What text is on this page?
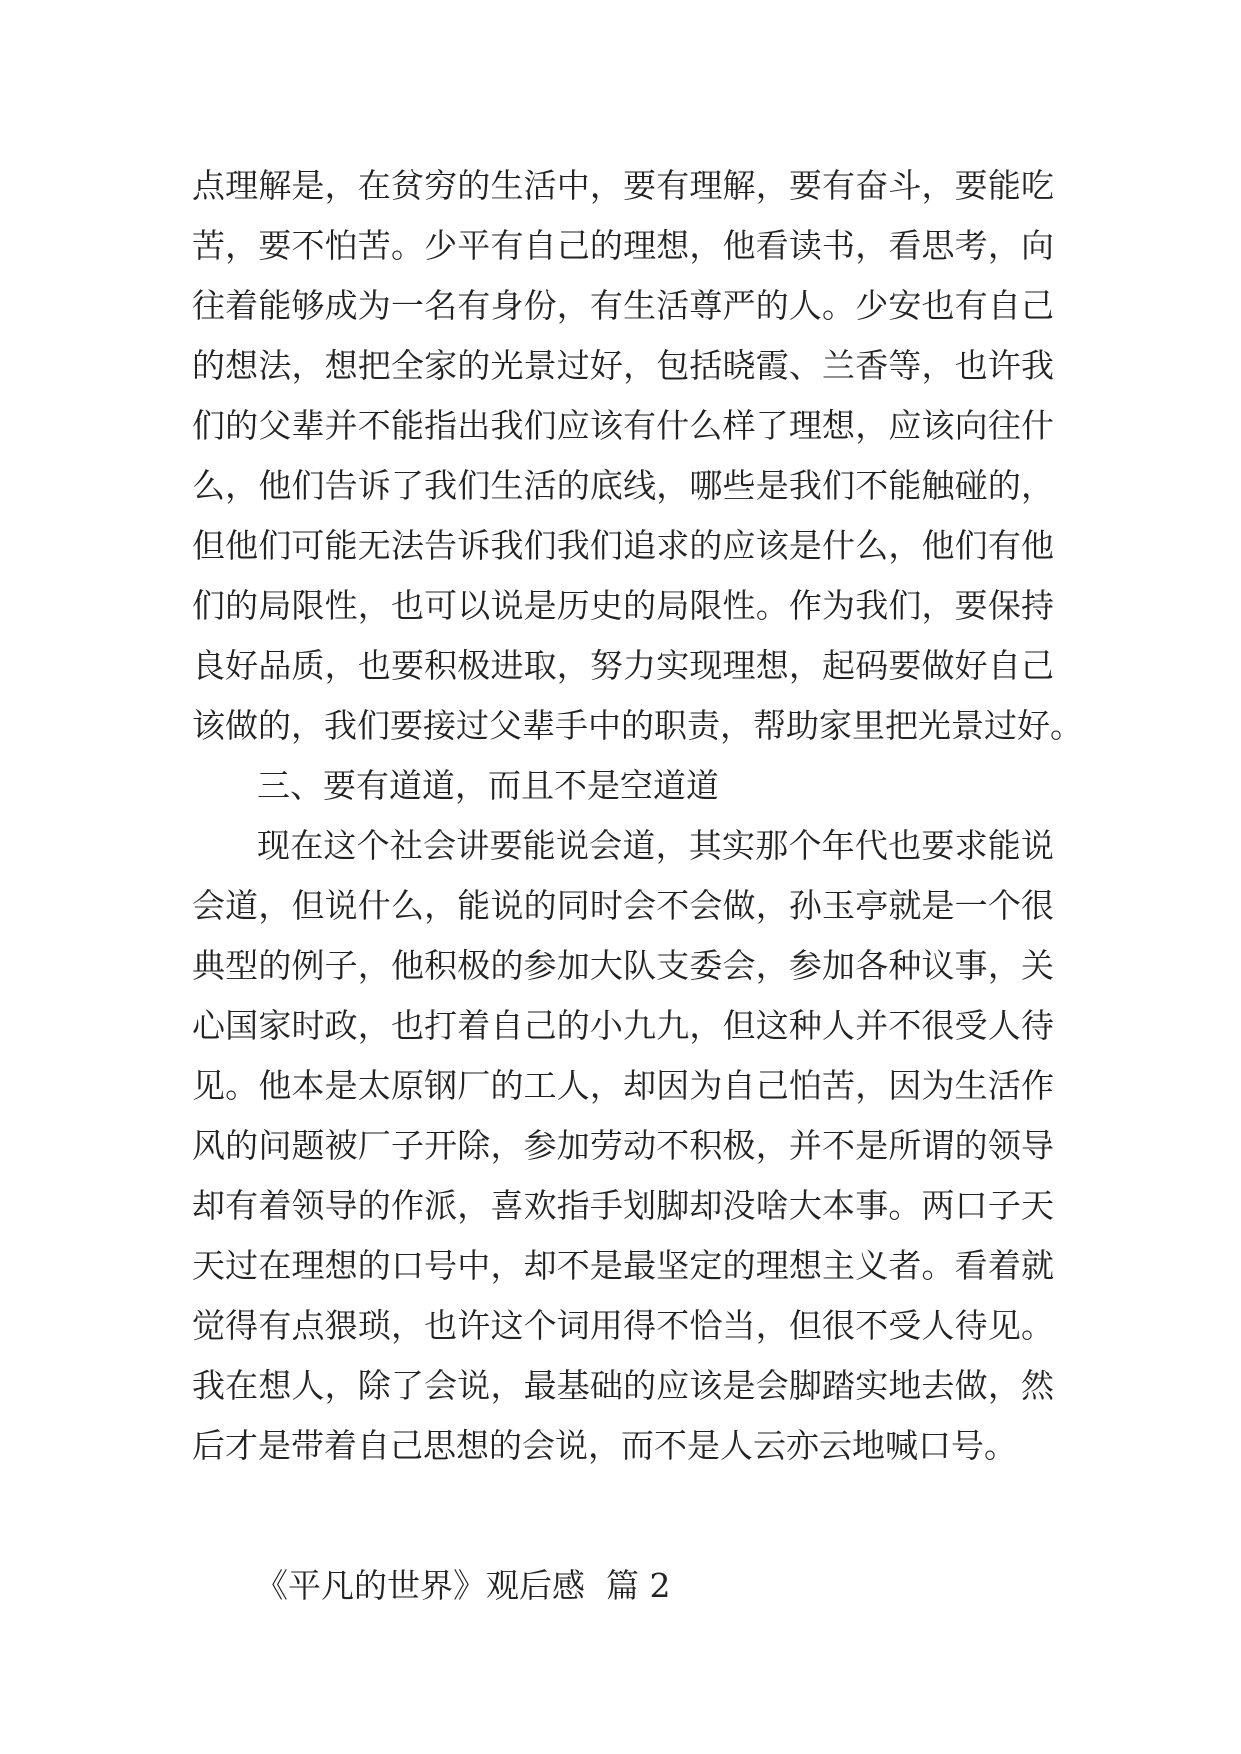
点理解是，在贫穷的生活中，要有理解，要有奋斗，要能吃
苦，要不怕苦。少平有自己的理想，他看读书，看思考，向
往着能够成为一名有身份，有生活尊严的人。少安也有自己
的想法，想把全家的光景过好，包括晓霞、兰香等，也许我
们的父辈并不能指出我们应该有什么样了理想，应该向往什
么，他们告诉了我们生活的底线，哪些是我们不能触碰的，
但他们可能无法告诉我们我们追求的应该是什么，他们有他
们的局限性，也可以说是历史的局限性。作为我们，要保持
良好品质，也要积极进取，努力实现理想，起码要做好自己
该做的，我们要接过父辈手中的职责，帮助家里把光景过好。
三、要有道道，而且不是空道道
现在这个社会讲要能说会道，其实那个年代也要求能说
会道，但说什么，能说的同时会不会做，孙玉亭就是一个很
典型的例子，他积极的参加大队支委会，参加各种议事，关
心国家时政，也打着自己的小九九，但这种人并不很受人待
见。他本是太原钢厂的工人，却因为自己怕苦，因为生活作
风的问题被厂子开除，参加劳动不积极，并不是所谓的领导
却有着领导的作派，喜欢指手划脚却没啥大本事。两口子天
天过在理想的口号中，却不是最坚定的理想主义者。看着就
觉得有点猥琐，也许这个词用得不恰当，但很不受人待见。
我在想人，除了会说，最基础的应该是会脚踏实地去做，然
后才是带着自己思想的会说，而不是人云亦云地喊口号。
《平凡的世界》观后感  篇 2
